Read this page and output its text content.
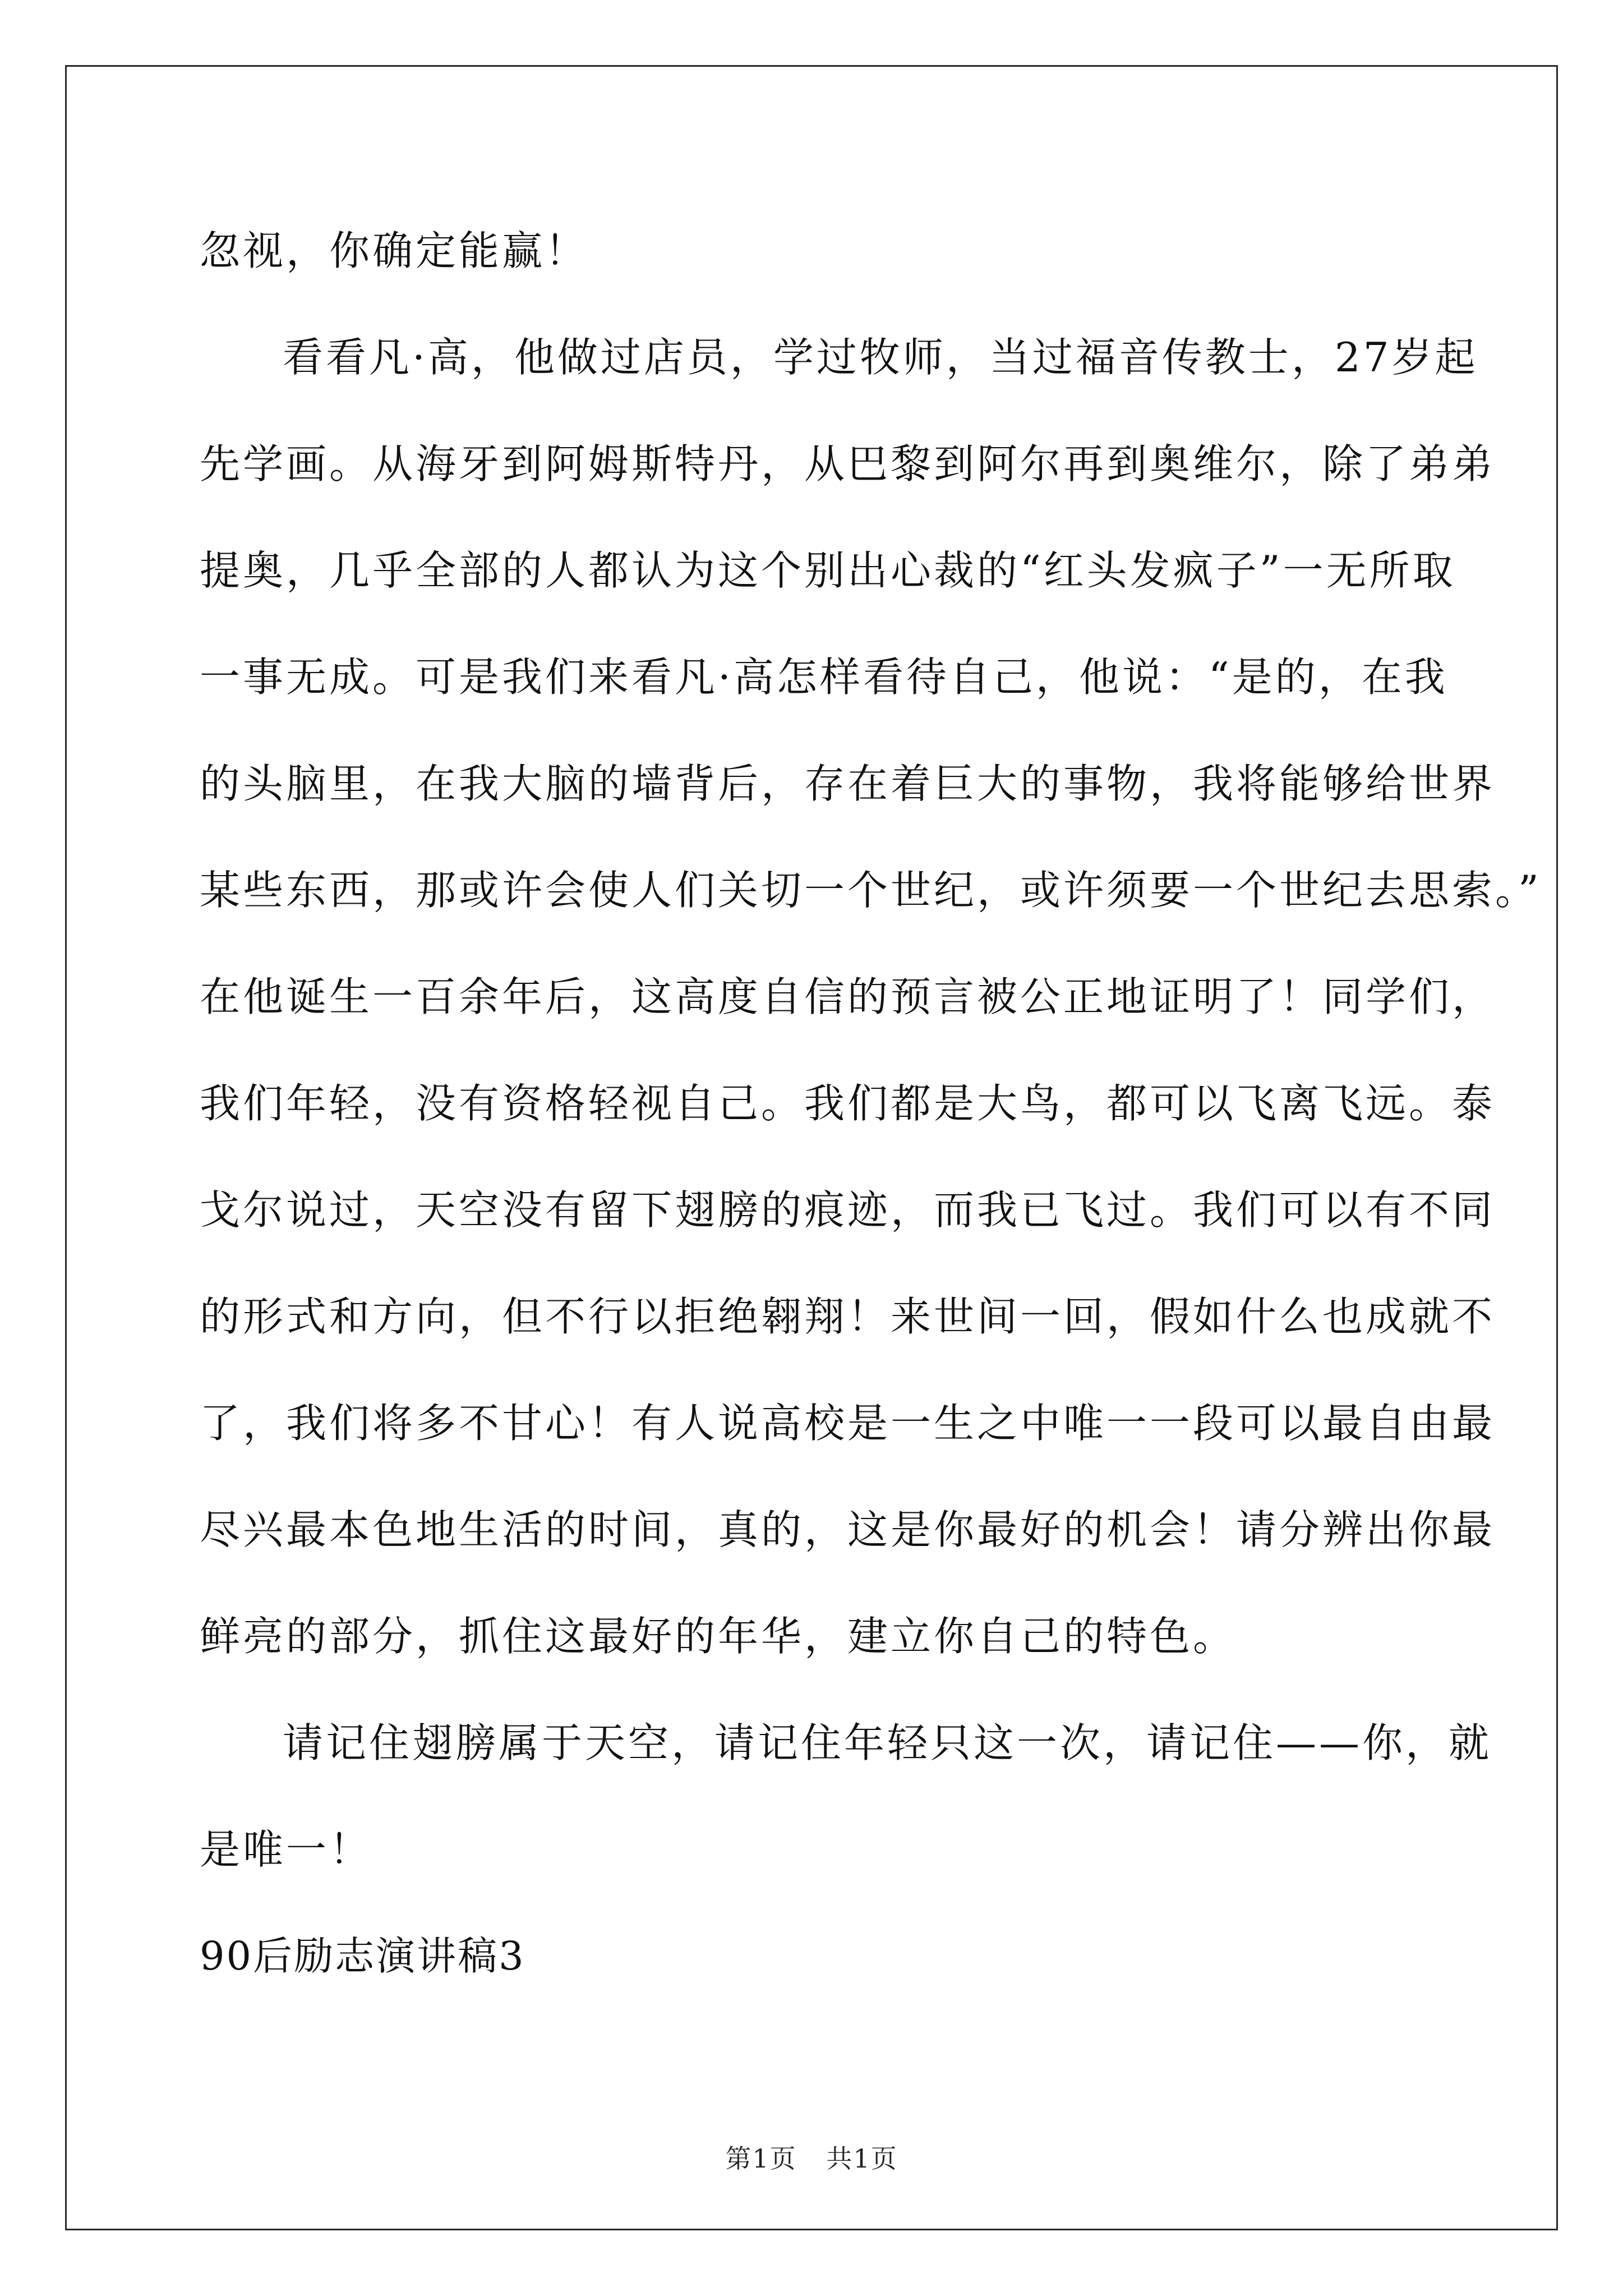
忽视，你确定能赢！
看看凡·高，他做过店员，学过牧师，当过福音传教士，27岁起
先学画。从海牙到阿姆斯特丹，从巴黎到阿尔再到奥维尔，除了弟弟
提奥，几乎全部的人都认为这个别出心裁的“红头发疯子”一无所取
一事无成。可是我们来看凡·高怎样看待自己，他说：“是的，在我
的头脑里，在我大脑的墙背后，存在着巨大的事物，我将能够给世界
某些东西，那或许会使人们关切一个世纪，或许须要一个世纪去思索。”
在他诞生一百余年后，这高度自信的预言被公正地证明了！同学们，
我们年轻，没有资格轻视自己。我们都是大鸟，都可以飞离飞远。泰
戈尔说过，天空没有留下翅膀的痕迹，而我已飞过。我们可以有不同
的形式和方向，但不行以拒绝翱翔！来世间一回，假如什么也成就不
了，我们将多不甘心！有人说高校是一生之中唯一一段可以最自由最
尽兴最本色地生活的时间，真的，这是你最好的机会！请分辨出你最
鲜亮的部分，抓住这最好的年华，建立你自己的特色。
请记住翅膀属于天空，请记住年轻只这一次，请记住——你，就
是唯一！
90后励志演讲稿3
第1页 共1页
